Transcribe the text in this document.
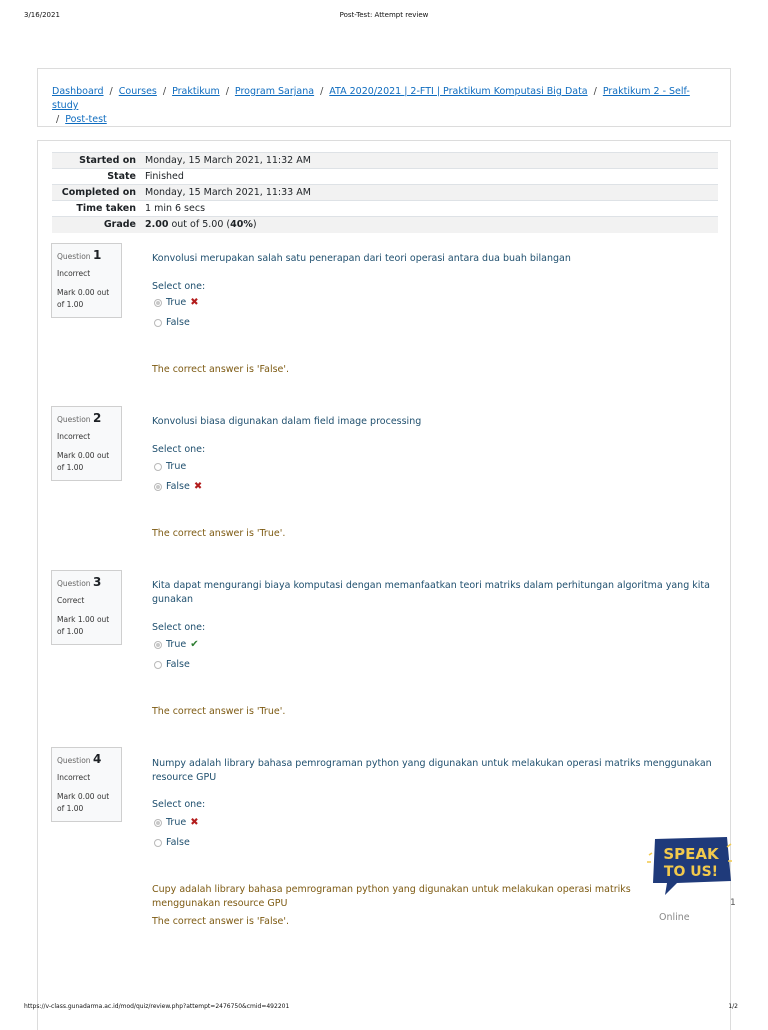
3/16/2021	Post-Test: Attempt review
Dashboard / Courses / Praktikum / Program Sarjana / ATA 2020/2021 | 2-FTI | Praktikum Komputasi Big Data / Praktikum 2 - Self-study
/ Post-test
Started on	Monday, 15 March 2021, 11:32 AM
State	Finished
Completed on	Monday, 15 March 2021, 11:33 AM
Time taken	1 min 6 secs
Grade	2.00 out of 5.00 (40%)
Question 1
Incorrect
Mark 0.00 out of 1.00
Konvolusi merupakan salah satu penerapan dari teori operasi antara dua buah bilangan
Select one:
True ✖
False
The correct answer is 'False'.
Question 2
Incorrect
Mark 0.00 out of 1.00
Konvolusi biasa digunakan dalam field image processing
Select one:
True
False ✖
The correct answer is 'True'.
Question 3
Correct
Mark 1.00 out of 1.00
Kita dapat mengurangi biaya komputasi dengan memanfaatkan teori matriks dalam perhitungan algoritma yang kita gunakan
Select one:
True ✔
False
The correct answer is 'True'.
Question 4
Incorrect
Mark 0.00 out of 1.00
Numpy adalah library bahasa pemrograman python yang digunakan untuk melakukan operasi matriks menggunakan resource GPU
Select one:
True ✖
False
Cupy adalah library bahasa pemrograman python yang digunakan untuk melakukan operasi matriks menggunakan resource GPU
The correct answer is 'False'.
SPEAK
TO US!
1
Online
https://v-class.gunadarma.ac.id/mod/quiz/review.php?attempt=2476750&cmid=492201	1/2
